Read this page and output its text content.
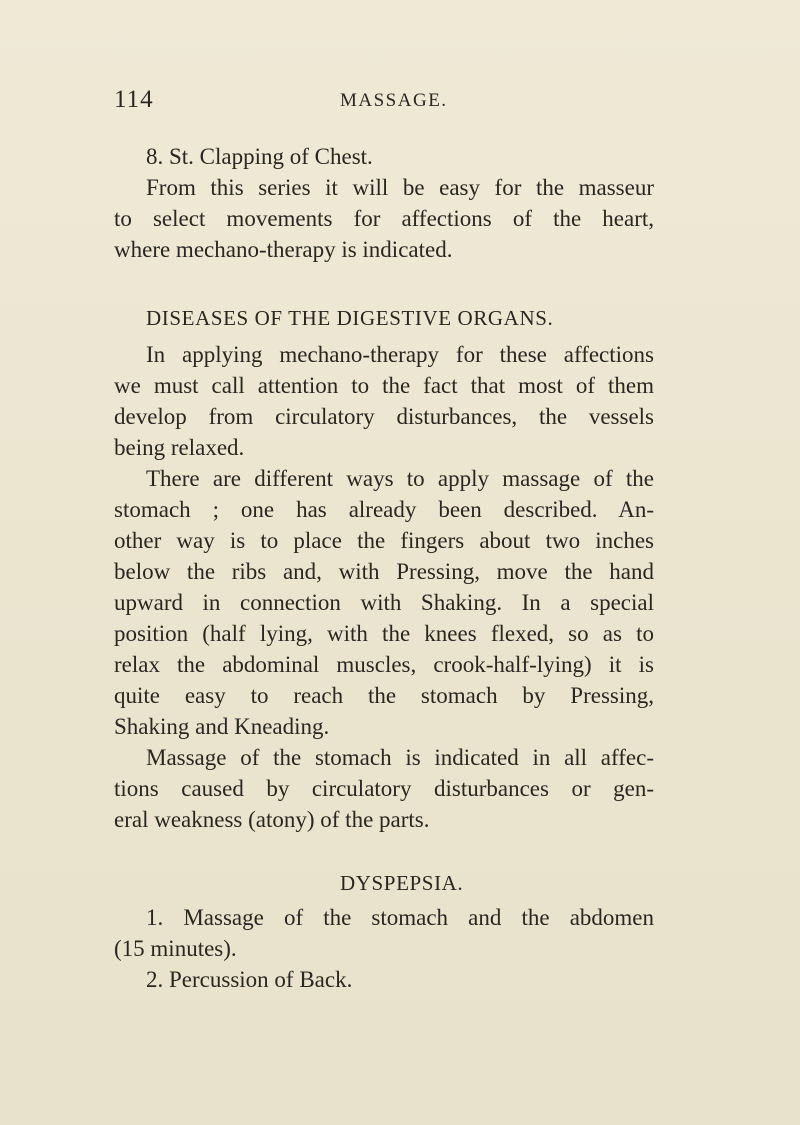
114	MASSAGE.
8. St. Clapping of Chest.
From this series it will be easy for the masseur
to select movements for affections of the heart,
where mechano-therapy is indicated.
DISEASES OF THE DIGESTIVE ORGANS.
In applying mechano-therapy for these affections
we must call attention to the fact that most of them
develop from circulatory disturbances, the vessels
being relaxed.
There are different ways to apply massage of the
stomach ; one has already been described. An-
other way is to place the fingers about two inches
below the ribs and, with Pressing, move the hand
upward in connection with Shaking. In a special
position (half lying, with the knees flexed, so as to
relax the abdominal muscles, crook-half-lying) it is
quite easy to reach the stomach by Pressing,
Shaking and Kneading.
Massage of the stomach is indicated in all affec-
tions caused by circulatory disturbances or gen-
eral weakness (atony) of the parts.
DYSPEPSIA.
1. Massage of the stomach and the abdomen
(15 minutes).
2. Percussion of Back.
